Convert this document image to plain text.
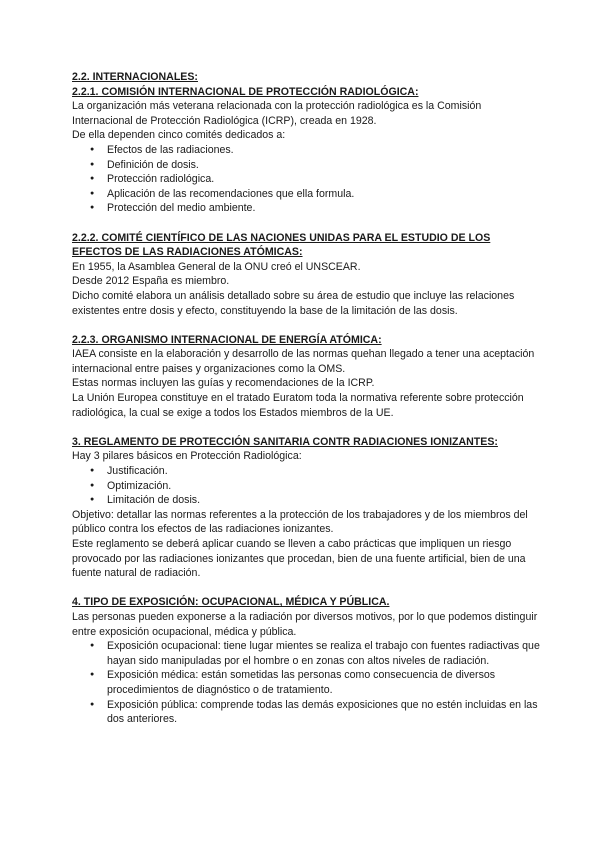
2.2. INTERNACIONALES:

2.2.1. COMISIÓN INTERNACIONAL DE PROTECCIÓN RADIOLÓGICA:

La organización más veterana relacionada con la protección radiológica es la Comisión Internacional de Protección Radiológica (ICRP), creada en 1928.

De ella dependen cinco comités dedicados a:

● Efectos de las radiaciones.
● Definición de dosis.
● Protección radiológica.
● Aplicación de las recomendaciones que ella formula.
● Protección del medio ambiente.

2.2.2. COMITÉ CIENTÍFICO DE LAS NACIONES UNIDAS PARA EL ESTUDIO DE LOS EFECTOS DE LAS RADIACIONES ATÓMICAS:

En 1955, la Asamblea General de la ONU creó el UNSCEAR.

Desde 2012 España es miembro.

Dicho comité elabora un análisis detallado sobre su área de estudio que incluye las relaciones existentes entre dosis y efecto, constituyendo la base de la limitación de las dosis.

2.2.3. ORGANISMO INTERNACIONAL DE ENERGÍA ATÓMICA:

IAEA consiste en la elaboración y desarrollo de las normas quehan llegado a tener una aceptación internacional entre paises y organizaciones como la OMS.

Estas normas incluyen las guías y recomendaciones de la ICRP.

La Unión Europea constituye en el tratado Euratom toda la normativa referente sobre protección radiológica, la cual se exige a todos los Estados miembros de la UE.

3. REGLAMENTO DE PROTECCIÓN SANITARIA CONTR RADIACIONES IONIZANTES:

Hay 3 pilares básicos en Protección Radiológica:

● Justificación.
● Optimización.
● Limitación de dosis.

Objetivo: detallar las normas referentes a la protección de los trabajadores y de los miembros del público contra los efectos de las radiaciones ionizantes.

Este reglamento se deberá aplicar cuando se lleven a cabo prácticas que impliquen un riesgo provocado por las radiaciones ionizantes que procedan, bien de una fuente artificial, bien de una fuente natural de radiación.

4. TIPO DE EXPOSICIÓN: OCUPACIONAL, MÉDICA Y PÚBLICA.

Las personas pueden exponerse a la radiación por diversos motivos, por lo que podemos distinguir entre exposición ocupacional, médica y pública.

● Exposición ocupacional: tiene lugar mientes se realiza el trabajo con fuentes radiactivas que hayan sido manipuladas por el hombre o en zonas con altos niveles de radiación.
● Exposición médica: están sometidas las personas como consecuencia de diversos procedimientos de diagnóstico o de tratamiento.
● Exposición pública: comprende todas las demás exposiciones que no estén incluidas en las dos anteriores.
